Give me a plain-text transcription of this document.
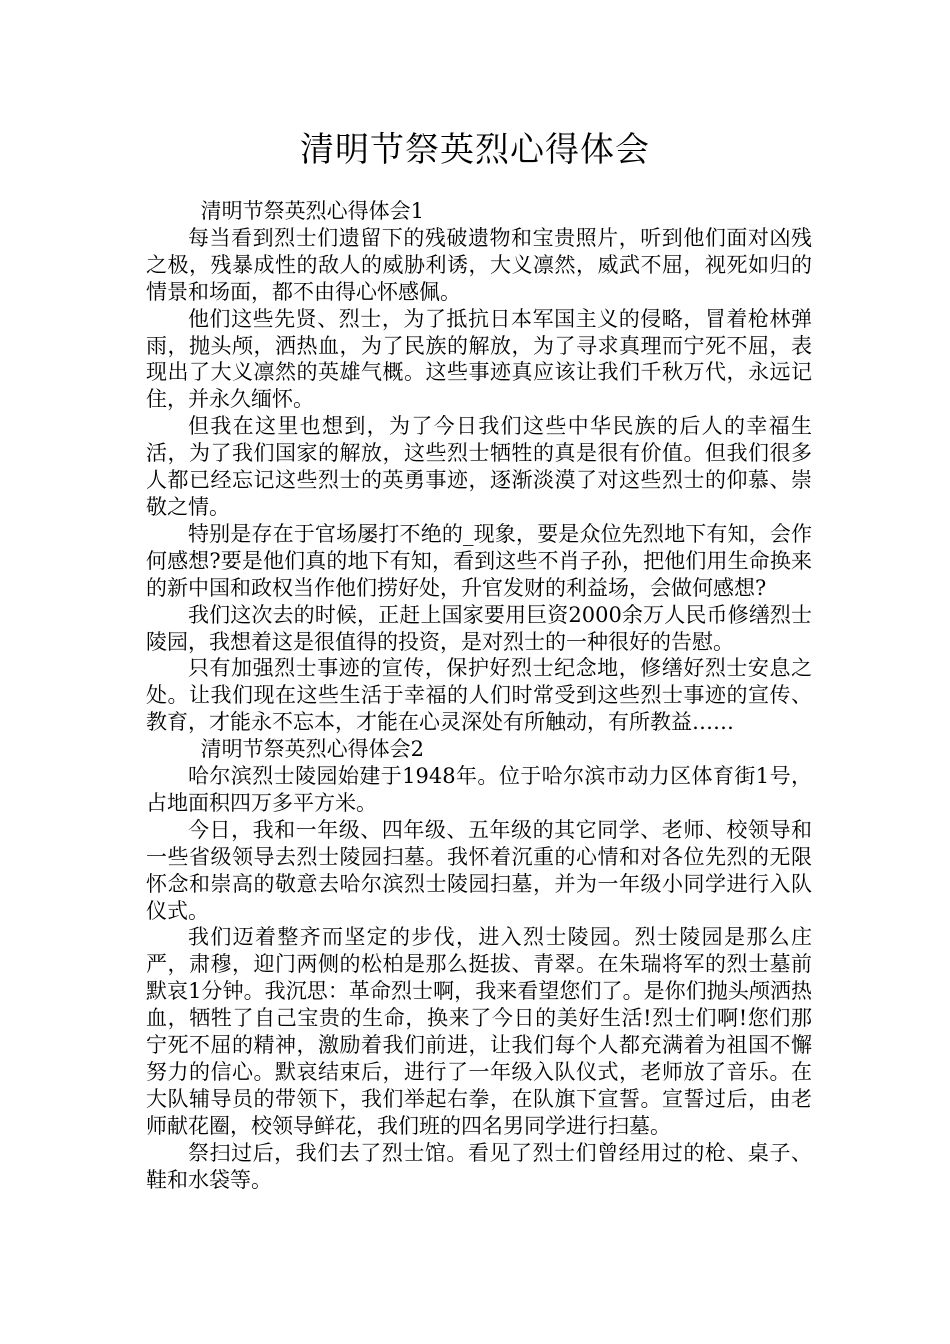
清明节祭英烈心得体会

清明节祭英烈心得体会1

每当看到烈士们遗留下的残破遗物和宝贵照片，听到他们面对凶残之极，残暴成性的敌人的威胁利诱，大义凛然，威武不屈，视死如归的情景和场面，都不由得心怀感佩。

他们这些先贤、烈士，为了抵抗日本军国主义的侵略，冒着枪林弹雨，抛头颅，洒热血，为了民族的解放，为了寻求真理而宁死不屈，表现出了大义凛然的英雄气概。这些事迹真应该让我们千秋万代，永远记住，并永久缅怀。

但我在这里也想到，为了今日我们这些中华民族的后人的幸福生活，为了我们国家的解放，这些烈士牺牲的真是很有价值。但我们很多人都已经忘记这些烈士的英勇事迹，逐渐淡漠了对这些烈士的仰慕、崇敬之情。

特别是存在于官场屡打不绝的_现象，要是众位先烈地下有知，会作何感想?要是他们真的地下有知，看到这些不肖子孙，把他们用生命换来的新中国和政权当作他们捞好处，升官发财的利益场，会做何感想?

我们这次去的时候，正赶上国家要用巨资2000余万人民币修缮烈士陵园，我想着这是很值得的投资，是对烈士的一种很好的告慰。

只有加强烈士事迹的宣传，保护好烈士纪念地，修缮好烈士安息之处。让我们现在这些生活于幸福的人们时常受到这些烈士事迹的宣传、教育，才能永不忘本，才能在心灵深处有所触动，有所教益……

清明节祭英烈心得体会2

哈尔滨烈士陵园始建于1948年。位于哈尔滨市动力区体育街1号，占地面积四万多平方米。

今日，我和一年级、四年级、五年级的其它同学、老师、校领导和一些省级领导去烈士陵园扫墓。我怀着沉重的心情和对各位先烈的无限怀念和崇高的敬意去哈尔滨烈士陵园扫墓，并为一年级小同学进行入队仪式。

我们迈着整齐而坚定的步伐，进入烈士陵园。烈士陵园是那么庄严，肃穆，迎门两侧的松柏是那么挺拔、青翠。在朱瑞将军的烈士墓前默哀1分钟。我沉思：革命烈士啊，我来看望您们了。是你们抛头颅洒热血，牺牲了自己宝贵的生命，换来了今日的美好生活!烈士们啊!您们那宁死不屈的精神，激励着我们前进，让我们每个人都充满着为祖国不懈努力的信心。默哀结束后，进行了一年级入队仪式，老师放了音乐。在大队辅导员的带领下，我们举起右拳，在队旗下宣誓。宣誓过后，由老师献花圈，校领导鲜花，我们班的四名男同学进行扫墓。

祭扫过后，我们去了烈士馆。看见了烈士们曾经用过的枪、桌子、鞋和水袋等。
